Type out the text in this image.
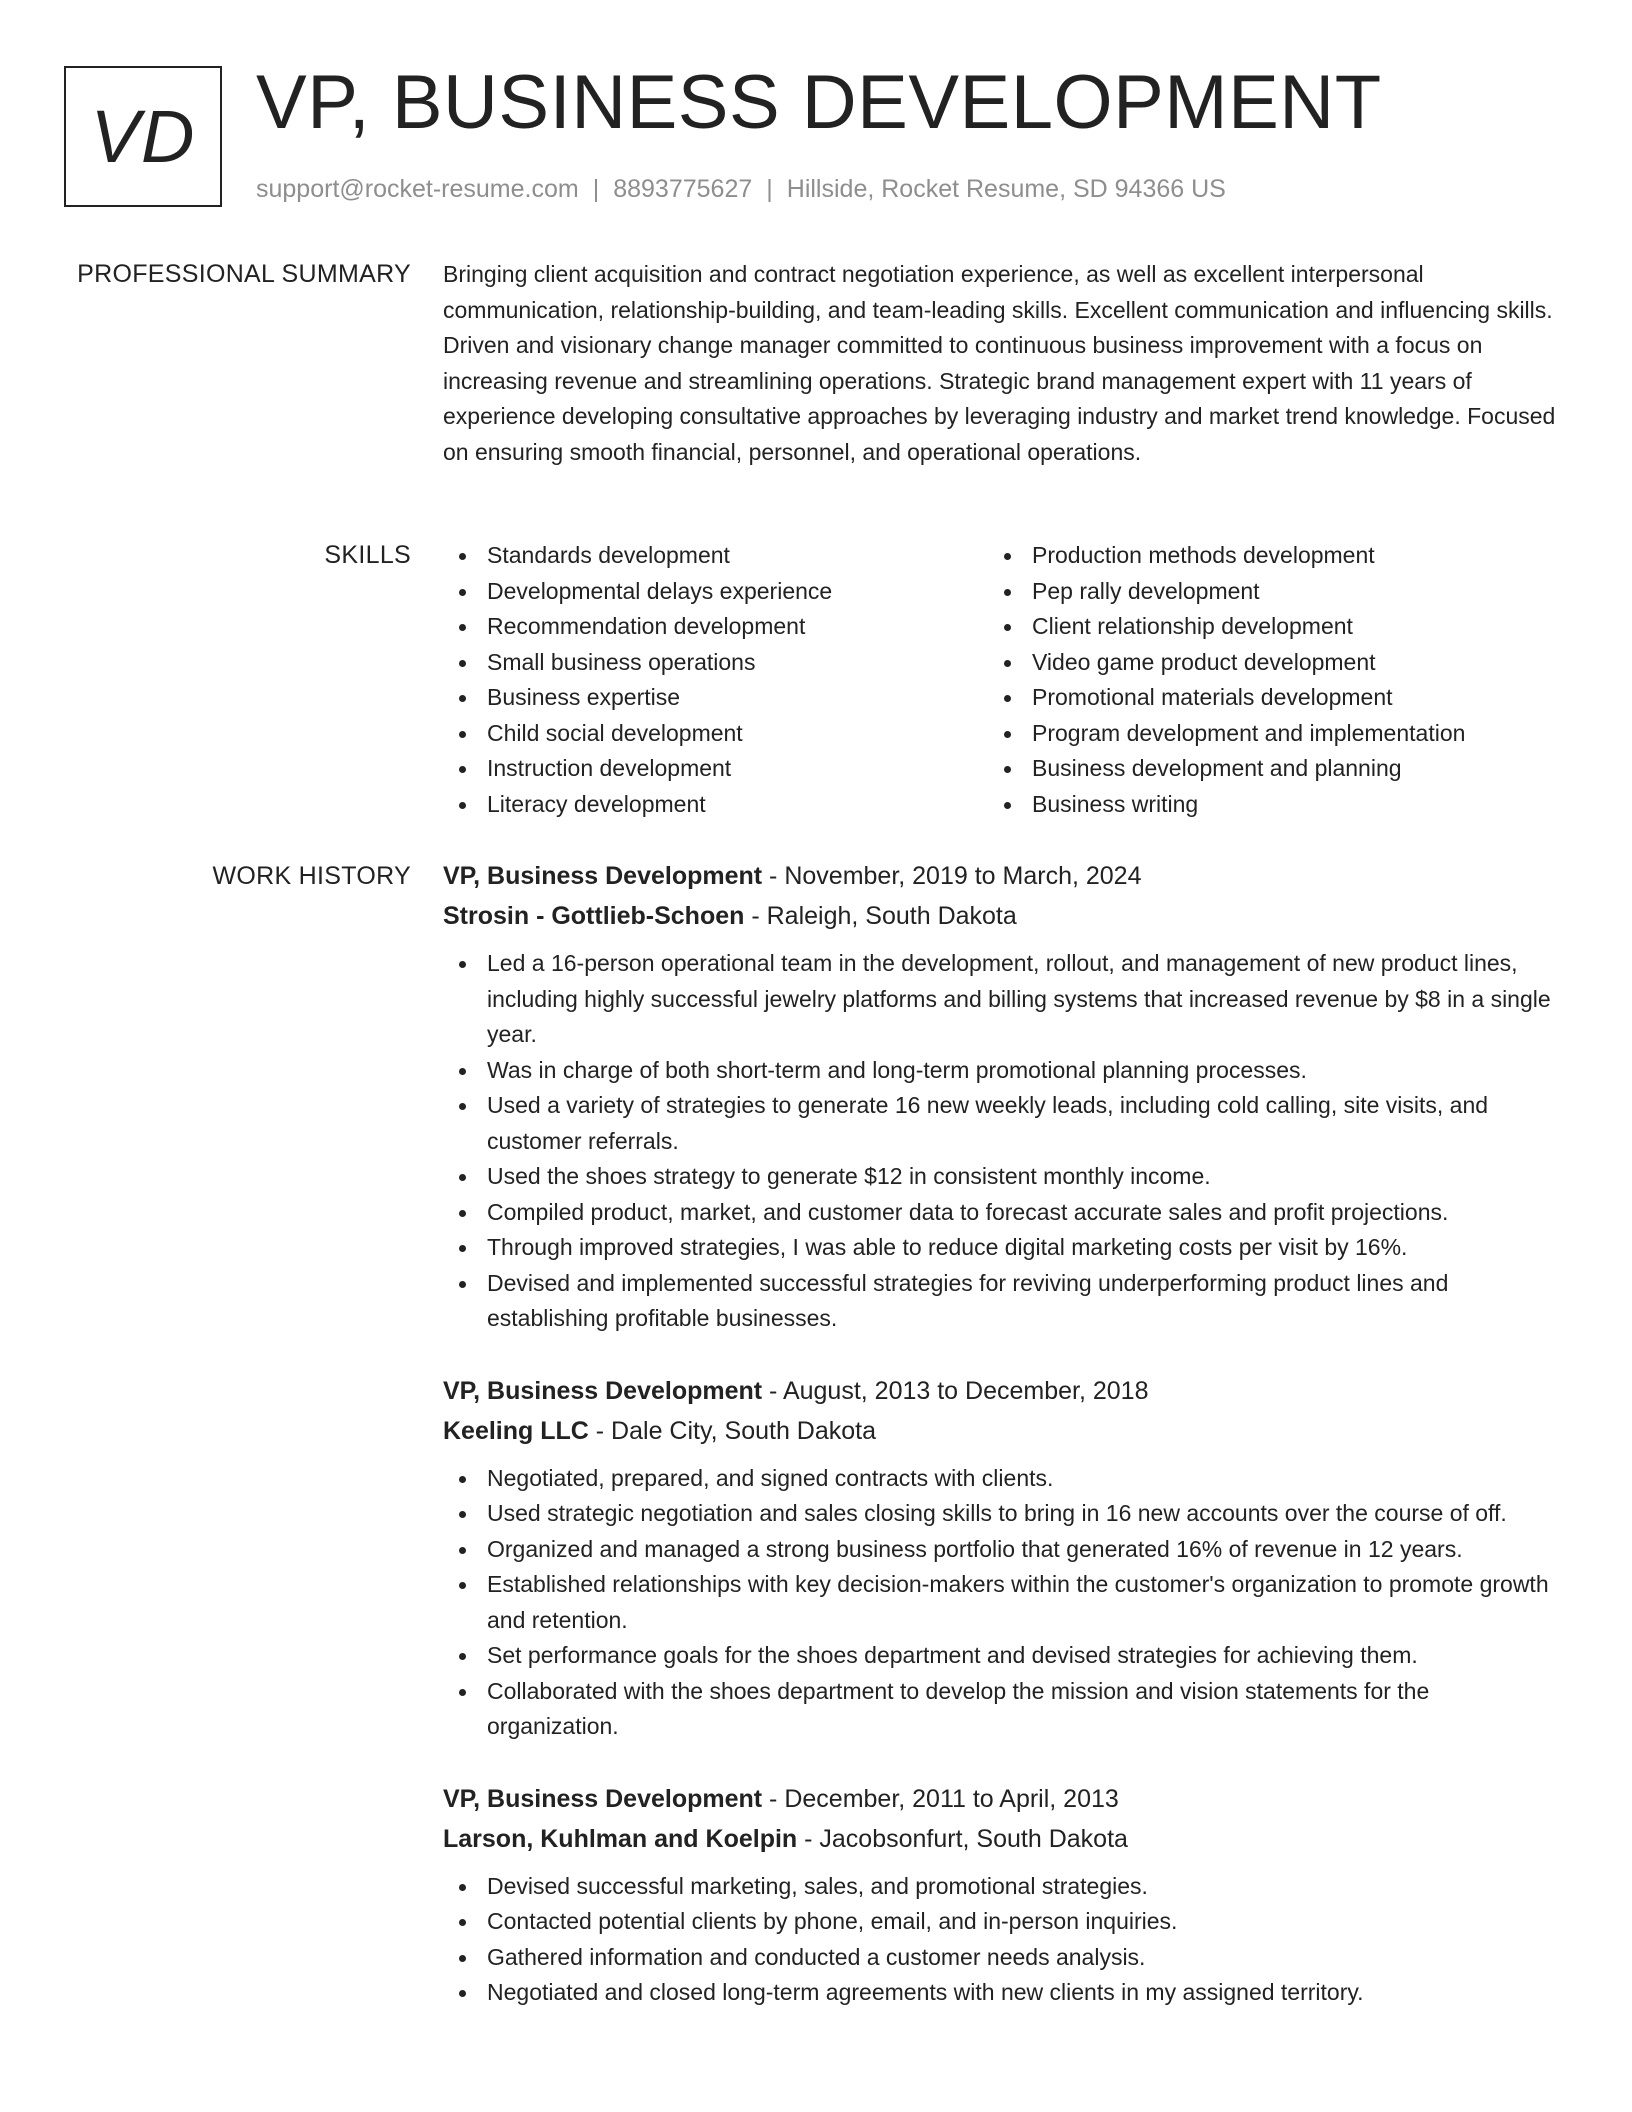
VD VP, BUSINESS DEVELOPMENT
support@rocket-resume.com | 8893775627 | Hillside, Rocket Resume, SD 94366 US
PROFESSIONAL SUMMARY Bringing client acquisition and contract negotiation experience, as well as excellent interpersonal communication, relationship-building, and team-leading skills. Excellent communication and influencing skills. Driven and visionary change manager committed to continuous business improvement with a focus on increasing revenue and streamlining operations. Strategic brand management expert with 11 years of experience developing consultative approaches by leveraging industry and market trend knowledge. Focused on ensuring smooth financial, personnel, and operational operations.

SKILLS	Standards development
Developmental delays experience
Recommendation development
Small business operations
Business expertise
Child social development
Instruction development
Literacy development
Production methods development
Pep rally development
Client relationship development
Video game product development
Promotional materials development
Program development and implementation
Business development and planning
Business writing
WORK HISTORY VP, Business Development - November, 2019 to March, 2024
Strosin - Gottlieb-Schoen - Raleigh, South Dakota
Led a 16-person operational team in the development, rollout, and management of new product lines, including highly successful jewelry platforms and billing systems that increased revenue by $8 in a single year.
Was in charge of both short-term and long-term promotional planning processes.
Used a variety of strategies to generate 16 new weekly leads, including cold calling, site visits, and customer referrals.
Used the shoes strategy to generate $12 in consistent monthly income.
Compiled product, market, and customer data to forecast accurate sales and profit projections.
Through improved strategies, I was able to reduce digital marketing costs per visit by 16%.
Devised and implemented successful strategies for reviving underperforming product lines and establishing profitable businesses.
VP, Business Development - August, 2013 to December, 2018
Keeling LLC - Dale City, South Dakota
Negotiated, prepared, and signed contracts with clients.
Used strategic negotiation and sales closing skills to bring in 16 new accounts over the course of off.
Organized and managed a strong business portfolio that generated 16% of revenue in 12 years.
Established relationships with key decision-makers within the customer's organization to promote growth and retention.
Set performance goals for the shoes department and devised strategies for achieving them.
Collaborated with the shoes department to develop the mission and vision statements for the organization.
VP, Business Development - December, 2011 to April, 2013
Larson, Kuhlman and Koelpin - Jacobsonfurt, South Dakota
Devised successful marketing, sales, and promotional strategies.
Contacted potential clients by phone, email, and in-person inquiries.
Gathered information and conducted a customer needs analysis.
Negotiated and closed long-term agreements with new clients in my assigned territory.
